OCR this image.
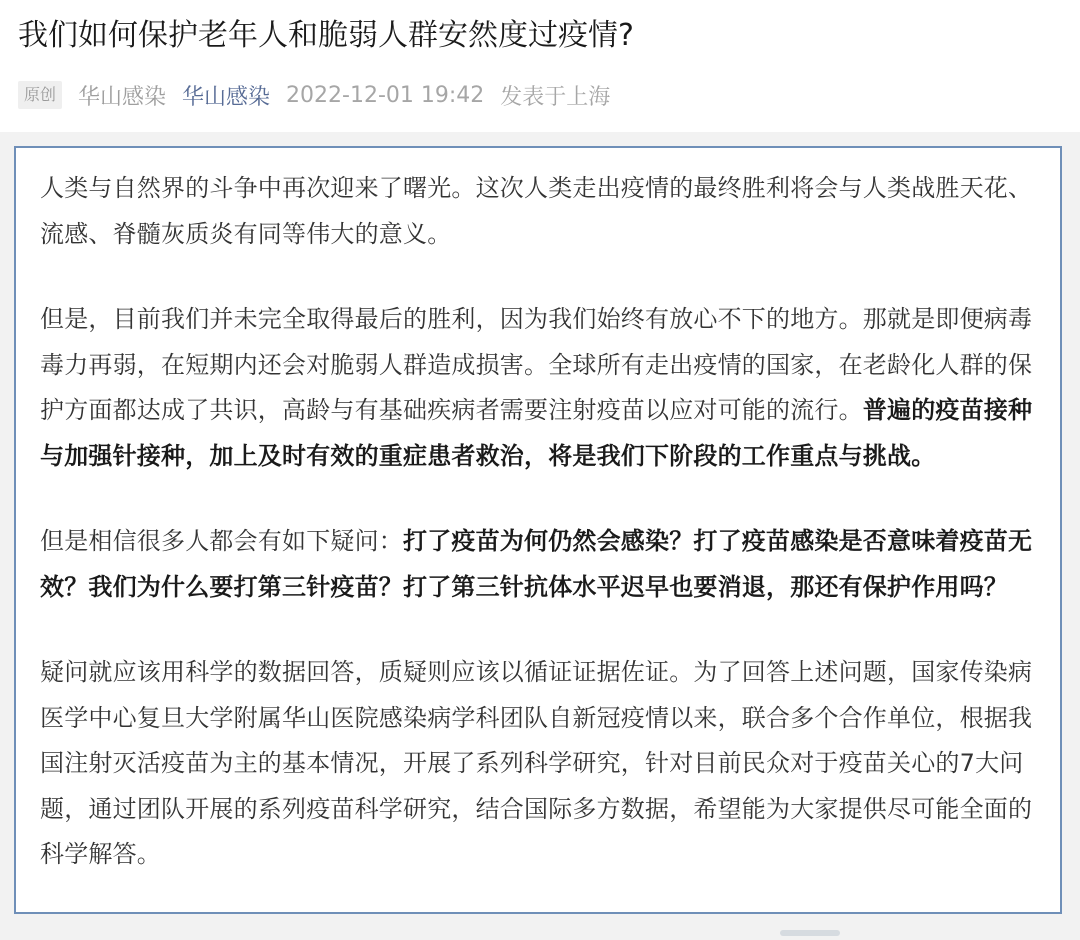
我们如何保护老年人和脆弱人群安然度过疫情?
原创 华山感染 华山感染 2022-12-01 19:42 发表于上海

人类与自然界的斗争中再次迎来了曙光。这次人类走出疫情的最终胜利将会与人类战胜天花、流感、脊髓灰质炎有同等伟大的意义。

但是，目前我们并未完全取得最后的胜利，因为我们始终有放心不下的地方。那就是即便病毒毒力再弱，在短期内还会对脆弱人群造成损害。全球所有走出疫情的国家，在老龄化人群的保护方面都达成了共识，高龄与有基础疾病者需要注射疫苗以应对可能的流行。普遍的疫苗接种与加强针接种，加上及时有效的重症患者救治，将是我们下阶段的工作重点与挑战。

但是相信很多人都会有如下疑问：打了疫苗为何仍然会感染？打了疫苗感染是否意味着疫苗无效？我们为什么要打第三针疫苗？打了第三针抗体水平迟早也要消退，那还有保护作用吗？

疑问就应该用科学的数据回答，质疑则应该以循证证据佐证。为了回答上述问题，国家传染病医学中心复旦大学附属华山医院感染病学科团队自新冠疫情以来，联合多个合作单位，根据我国注射灭活疫苗为主的基本情况，开展了系列科学研究，针对目前民众对于疫苗关心的7大问题，通过团队开展的系列疫苗科学研究，结合国际多方数据，希望能为大家提供尽可能全面的科学解答。
